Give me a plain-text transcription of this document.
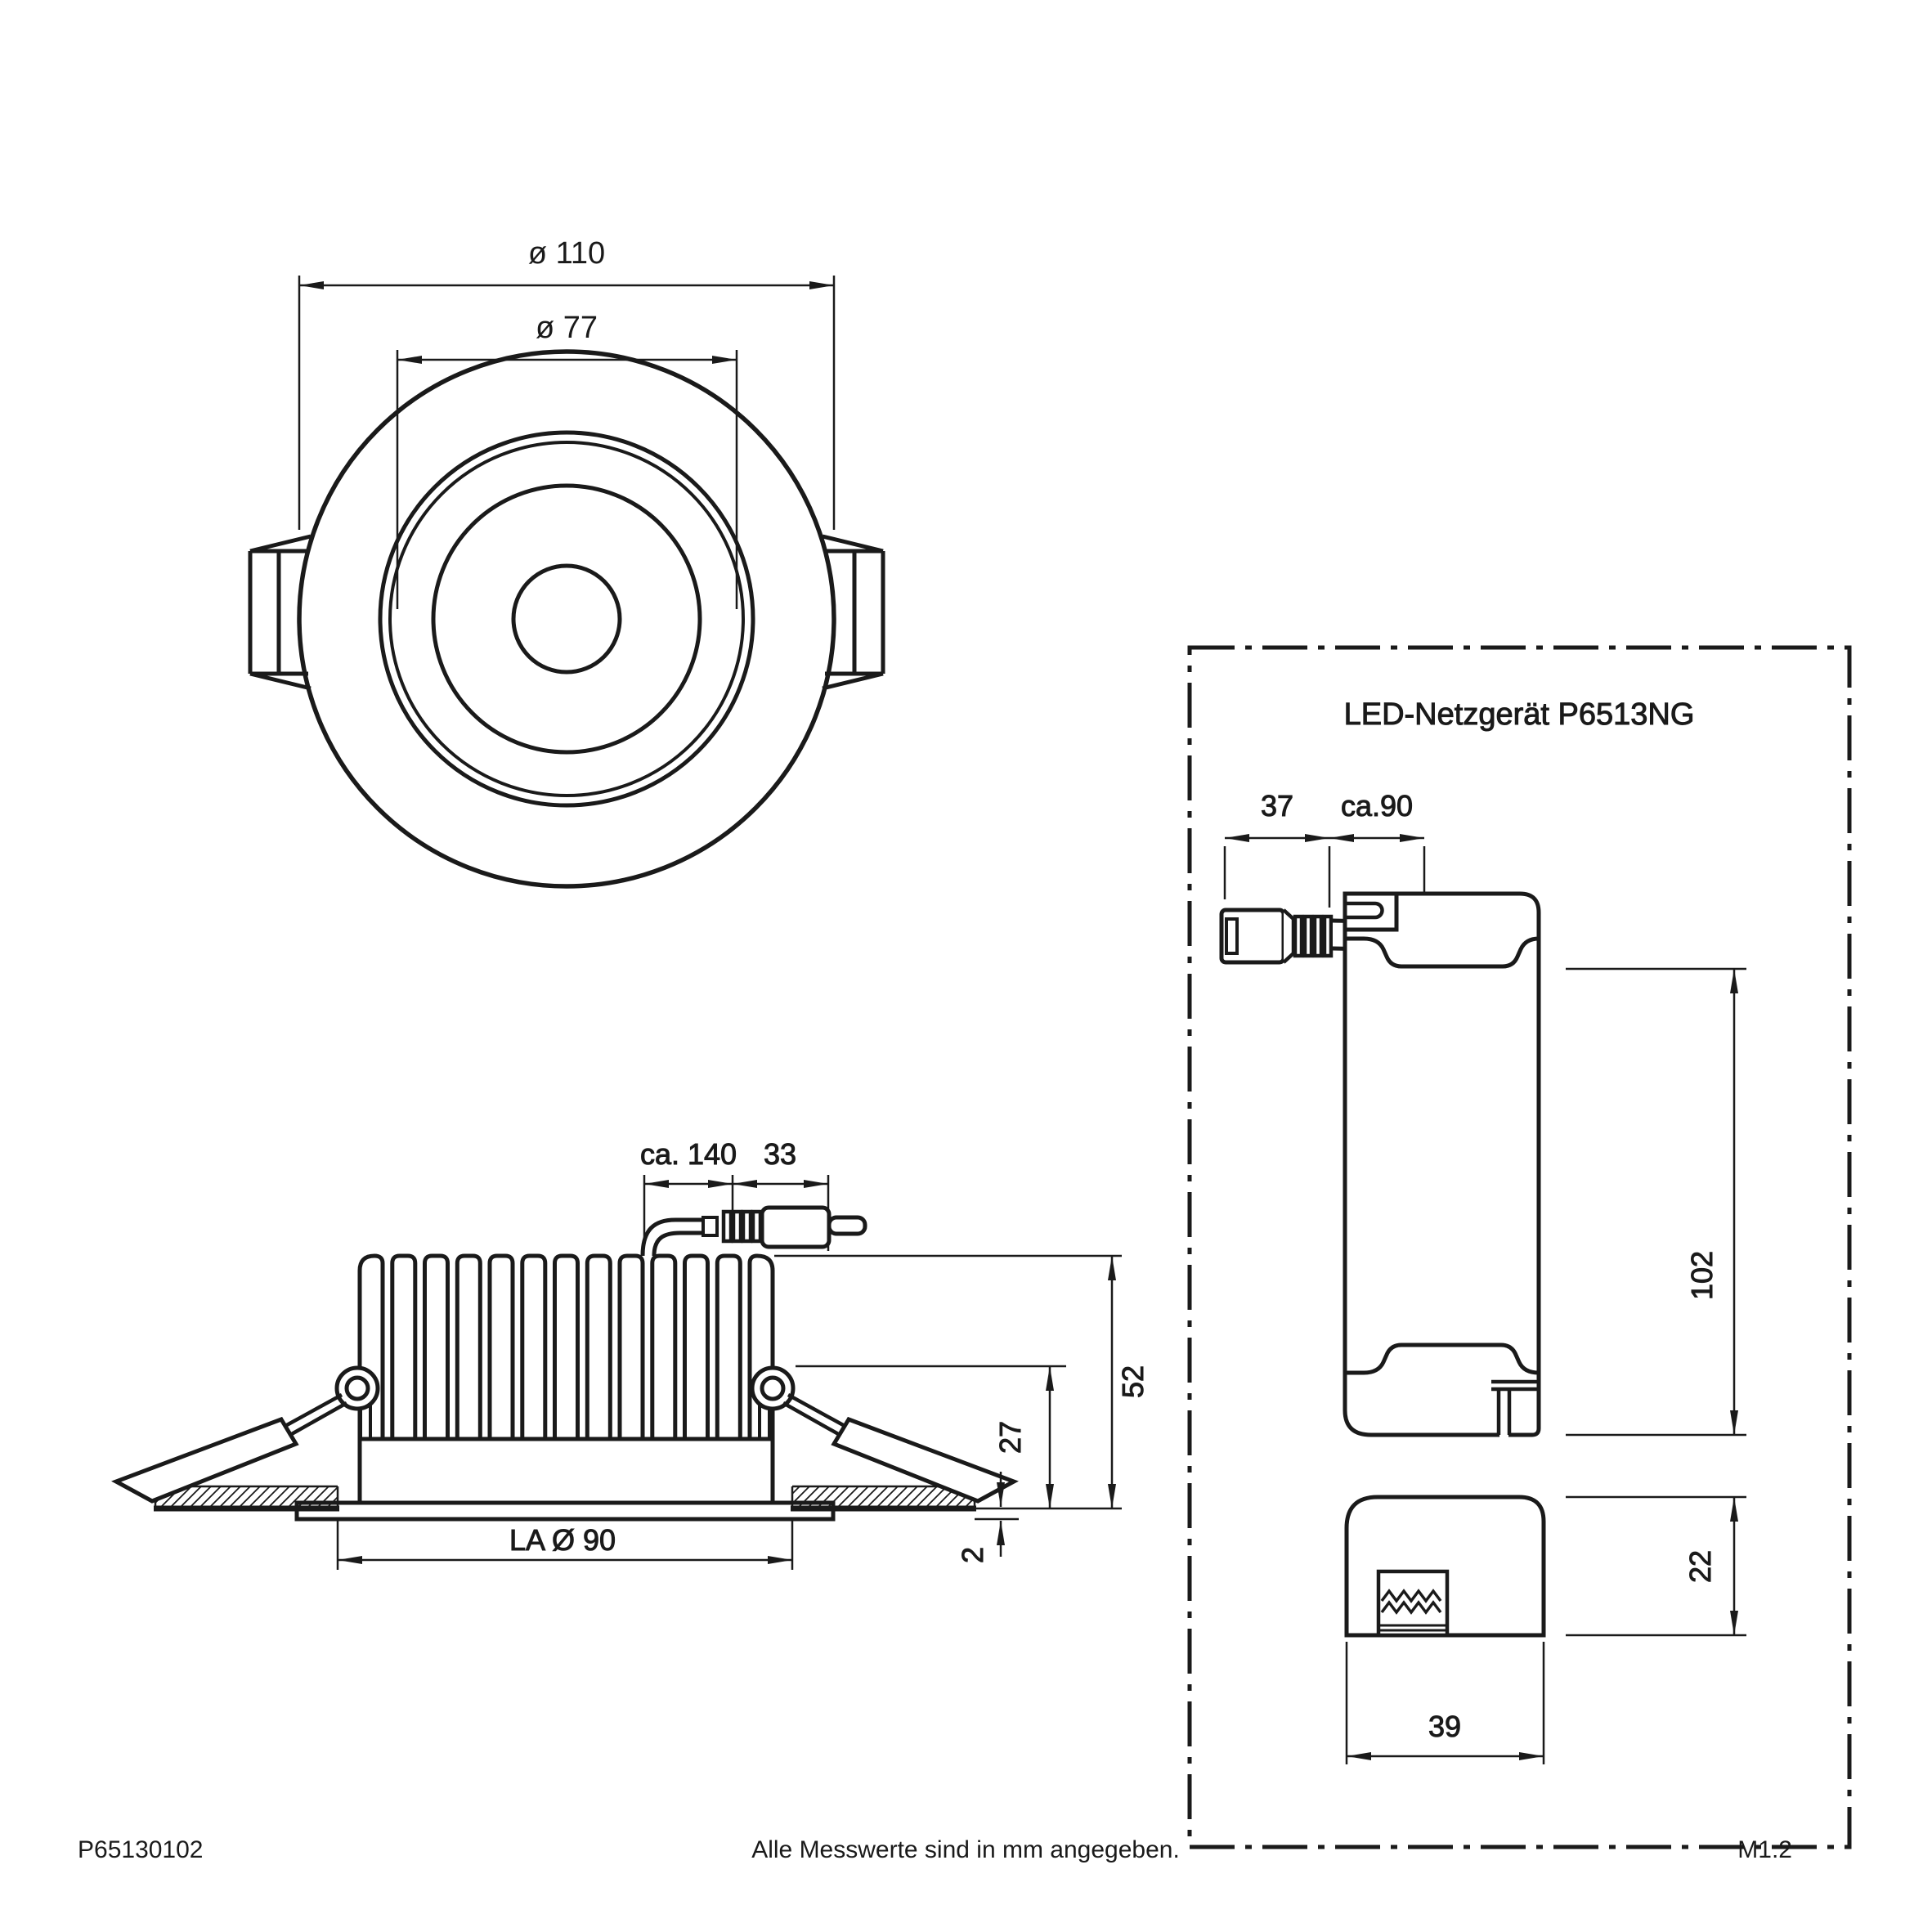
ø 110
ø 77
ca. 140 33
52
27
2
LA Ø 90
LED-Netzgerät P6513NG
37 ca.90
102
22
39
P65130102	Alle Messwerte sind in mm angegeben.	M1:2
